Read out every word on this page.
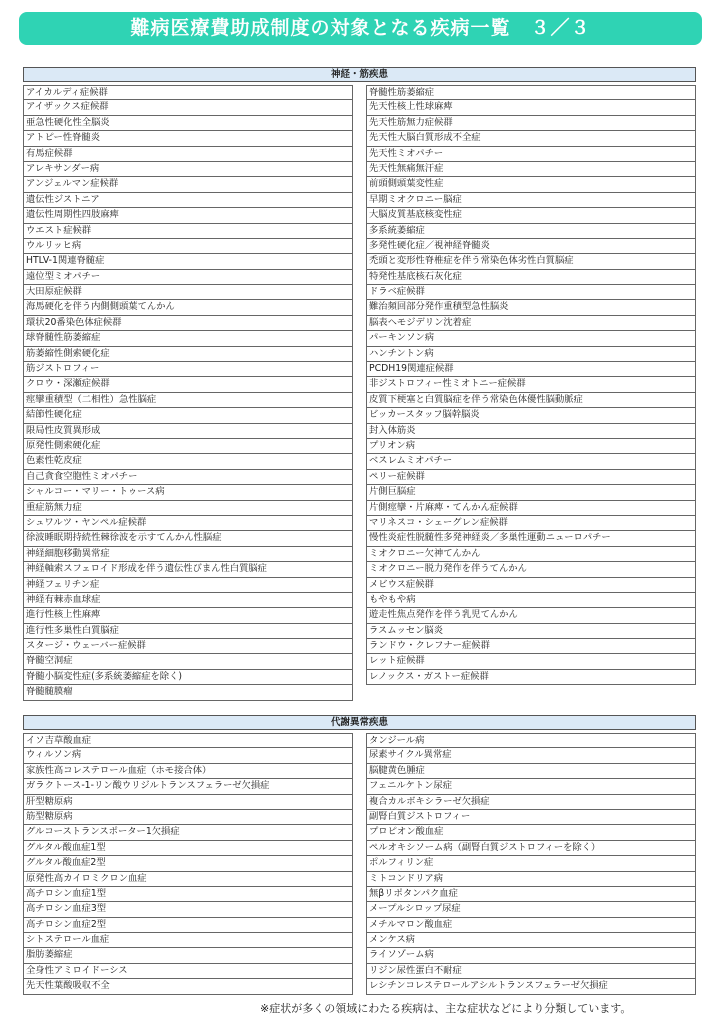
難病医療費助成制度の対象となる疾病一覧　３／３
神経・筋疾患
アイカルディ症候群
アイザックス症候群
亜急性硬化性全脳炎
アトピー性脊髄炎
有馬症候群
アレキサンダー病
アンジェルマン症候群
遺伝性ジストニア
遺伝性周期性四肢麻痺
ウエスト症候群
ウルリッヒ病
HTLV-1関連脊髄症
遠位型ミオパチー
大田原症候群
海馬硬化を伴う内側側頭葉てんかん
環状20番染色体症候群
球脊髄性筋萎縮症
筋萎縮性側索硬化症
筋ジストロフィー
クロウ・深瀬症候群
痙攣重積型（二相性）急性脳症
結節性硬化症
限局性皮質異形成
原発性側索硬化症
色素性乾皮症
自己貪食空胞性ミオパチー
シャルコー・マリー・トゥース病
重症筋無力症
シュワルツ・ヤンペル症候群
徐波睡眠期持続性棘徐波を示すてんかん性脳症
神経細胞移動異常症
神経軸索スフェロイド形成を伴う遺伝性びまん性白質脳症
神経フェリチン症
神経有棘赤血球症
進行性核上性麻痺
進行性多巣性白質脳症
スタージ・ウェーバー症候群
脊髄空洞症
脊髄小脳変性症(多系統萎縮症を除く)
脊髄髄膜瘤
脊髄性筋萎縮症
先天性核上性球麻痺
先天性筋無力症候群
先天性大脳白質形成不全症
先天性ミオパチー
先天性無痛無汗症
前頭側頭葉変性症
早期ミオクロニー脳症
大脳皮質基底核変性症
多系統萎縮症
多発性硬化症／視神経脊髄炎
禿頭と変形性脊椎症を伴う常染色体劣性白質脳症
特発性基底核石灰化症
ドラベ症候群
難治頻回部分発作重積型急性脳炎
脳表ヘモジデリン沈着症
パーキンソン病
ハンチントン病
PCDH19関連症候群
非ジストロフィー性ミオトニー症候群
皮質下梗塞と白質脳症を伴う常染色体優性脳動脈症
ビッカースタッフ脳幹脳炎
封入体筋炎
プリオン病
ベスレムミオパチー
ペリー症候群
片側巨脳症
片側痙攣・片麻痺・てんかん症候群
マリネスコ・シェーグレン症候群
慢性炎症性脱髄性多発神経炎／多巣性運動ニューロパチー
ミオクロニー欠神てんかん
ミオクロニー脱力発作を伴うてんかん
メビウス症候群
もやもや病
遊走性焦点発作を伴う乳児てんかん
ラスムッセン脳炎
ランドウ・クレフナー症候群
レット症候群
レノックス・ガストー症候群
代謝異常疾患
イソ吉草酸血症
ウィルソン病
家族性高コレステロール血症（ホモ接合体）
ガラクトース-1-リン酸ウリジルトランスフェラーゼ欠損症
肝型糖原病
筋型糖原病
グルコーストランスポーター1欠損症
グルタル酸血症1型
グルタル酸血症2型
原発性高カイロミクロン血症
高チロシン血症1型
高チロシン血症3型
高チロシン血症2型
シトステロール血症
脂肪萎縮症
全身性アミロイドーシス
先天性葉酸吸収不全
タンジール病
尿素サイクル異常症
脳腱黄色腫症
フェニルケトン尿症
複合カルボキシラーゼ欠損症
副腎白質ジストロフィー
プロピオン酸血症
ペルオキシソーム病（副腎白質ジストロフィーを除く）
ポルフィリン症
ミトコンドリア病
無βリポタンパク血症
メープルシロップ尿症
メチルマロン酸血症
メンケス病
ライソゾーム病
リジン尿性蛋白不耐症
レシチンコレステロールアシルトランスフェラーゼ欠損症
※症状が多くの領域にわたる疾病は、主な症状などにより分類しています。
